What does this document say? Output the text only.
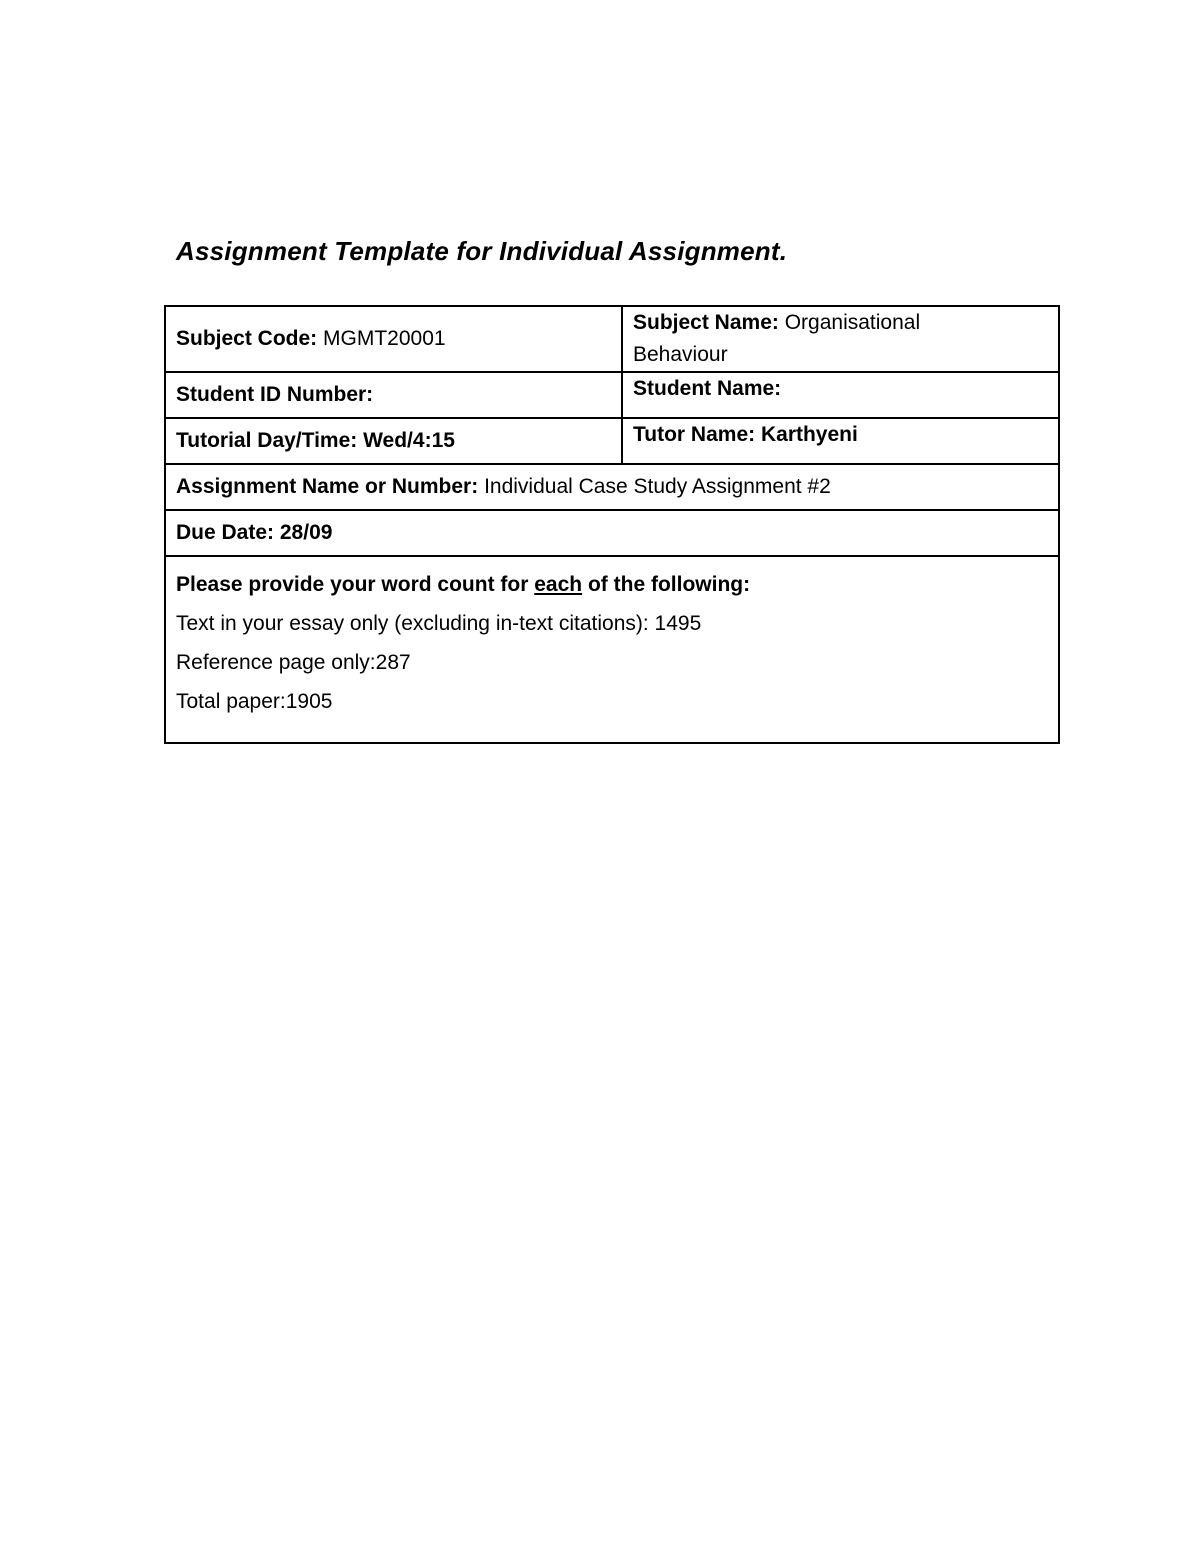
Assignment Template for Individual Assignment.
Subject Code: MGMT20001	Subject Name: Organisational
Behaviour
Student ID Number:	Student Name:
Tutorial Day/Time: Wed/4:15	Tutor Name: Karthyeni
Assignment Name or Number: Individual Case Study Assignment #2	
Due Date: 28/09	

Please provide your word count for each of the following:
Text in your essay only (excluding in-text citations): 1495
Reference page only:287
Total paper:1905	
